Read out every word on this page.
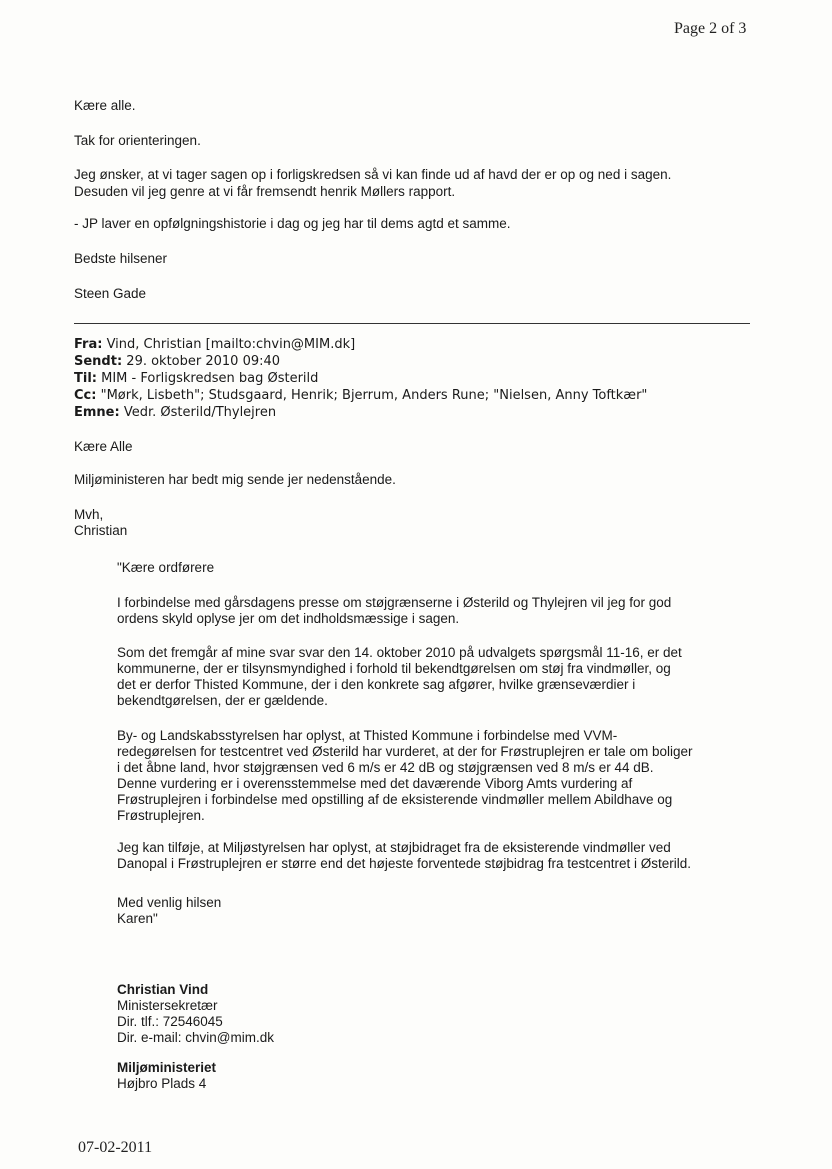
Page 2 of 3
Kære alle.
Tak for orienteringen.
Jeg ønsker, at vi tager sagen op i forligskredsen så vi kan finde ud af havd der er op og ned i sagen.
Desuden vil jeg genre at vi får fremsendt henrik Møllers rapport.
- JP laver en opfølgningshistorie i dag og jeg har til dems agtd et samme.
Bedste hilsener
Steen Gade
Fra: Vind, Christian [mailto:chvin@MIM.dk]
Sendt: 29. oktober 2010 09:40
Til: MIM - Forligskredsen bag Østerild
Cc: "Mørk, Lisbeth"; Studsgaard, Henrik; Bjerrum, Anders Rune; "Nielsen, Anny Toftkær"
Emne: Vedr. Østerild/Thylejren
Kære Alle
Miljøministeren har bedt mig sende jer nedenstående.
Mvh,
Christian
"Kære ordførere
I forbindelse med gårsdagens presse om støjgrænserne i Østerild og Thylejren vil jeg for god
ordens skyld oplyse jer om det indholdsmæssige i sagen.
Som det fremgår af mine svar svar den 14. oktober 2010 på udvalgets spørgsmål 11-16, er det
kommunerne, der er tilsynsmyndighed i forhold til bekendtgørelsen om støj fra vindmøller, og
det er derfor Thisted Kommune, der i den konkrete sag afgører, hvilke grænseværdier i
bekendtgørelsen, der er gældende.
By- og Landskabsstyrelsen har oplyst, at Thisted Kommune i forbindelse med VVM-
redegørelsen for testcentret ved Østerild har vurderet, at der for Frøstruplejren er tale om boliger
i det åbne land, hvor støjgrænsen ved 6 m/s er 42 dB og støjgrænsen ved 8 m/s er 44 dB.
Denne vurdering er i overensstemmelse med det daværende Viborg Amts vurdering af
Frøstruplejren i forbindelse med opstilling af de eksisterende vindmøller mellem Abildhave og
Frøstruplejren.
Jeg kan tilføje, at Miljøstyrelsen har oplyst, at støjbidraget fra de eksisterende vindmøller ved
Danopal i Frøstruplejren er større end det højeste forventede støjbidrag fra testcentret i Østerild.
Med venlig hilsen
Karen"
Christian Vind
Ministersekretær
Dir. tlf.: 72546045
Dir. e-mail: chvin@mim.dk
Miljøministeriet
Højbro Plads 4
07-02-2011
